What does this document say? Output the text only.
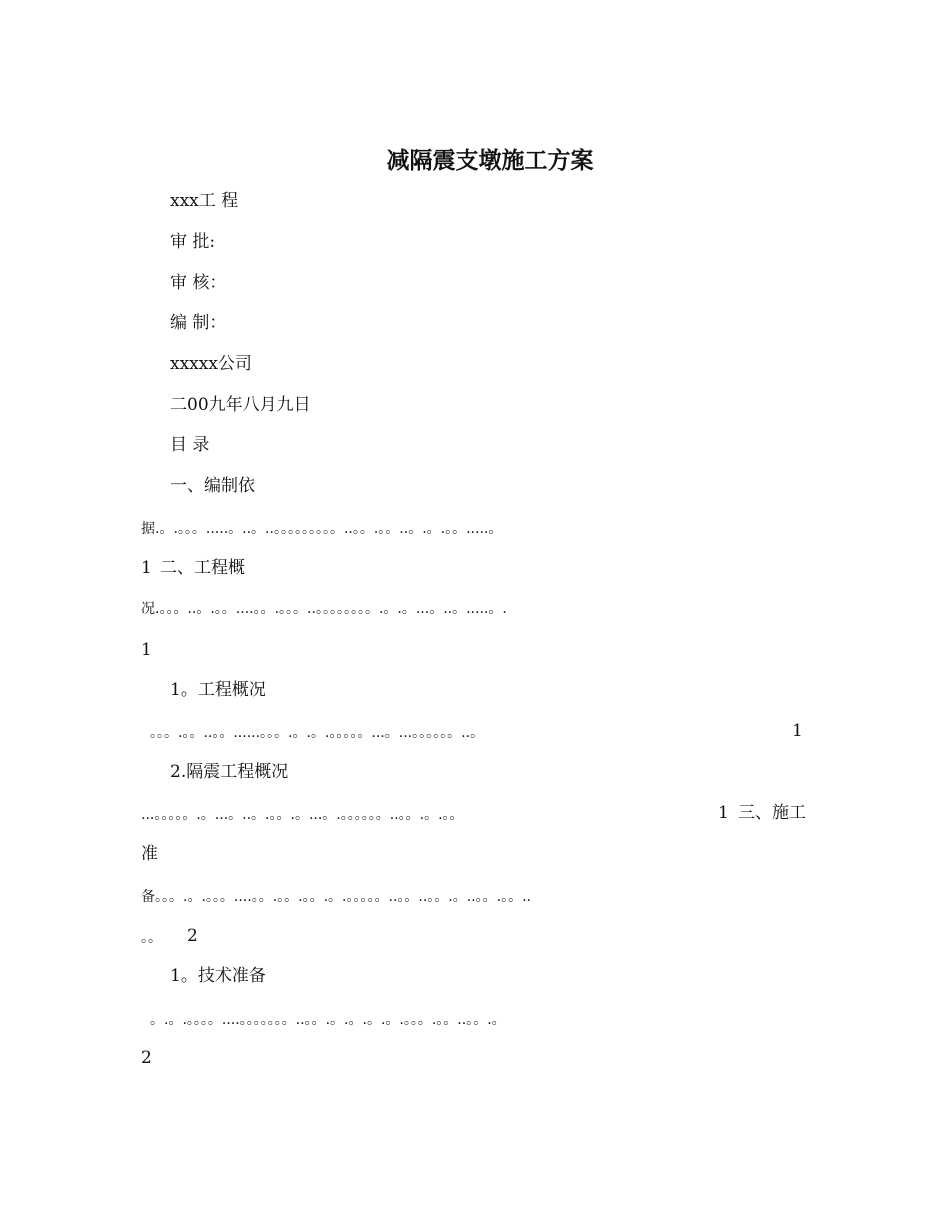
减隔震支墩施工方案
xxx工 程
审 批:
审 核：
编 制：
xxxxx公司
二00九年八月九日
目 录
一、编制依
据.。.。。。.....。..。..。。。。。。。。。..。。.。。..。.。.。。.....。
1 二、工程概
况.。。。..。.。。....。。.。。。..。。。。。。。。.。.。...。..。.....。.
1
1。工程概况
。。。.。。..。。......。。。.。.。.。。。。。...。...。。。。。。..。	1
2.隔震工程概况
...。。。。。.。...。..。.。。.。...。.。。。。。。..。。.。.。。	1 三、施工
准
备。。。.。.。。。....。。.。。.。。.。.。。。。。..。。..。。.。..。。.。。..
。。 2
1。技术准备
。.。.。。。。....。。。。。。。..。。.。.。.。.。.。。。.。。..。。.。
2
